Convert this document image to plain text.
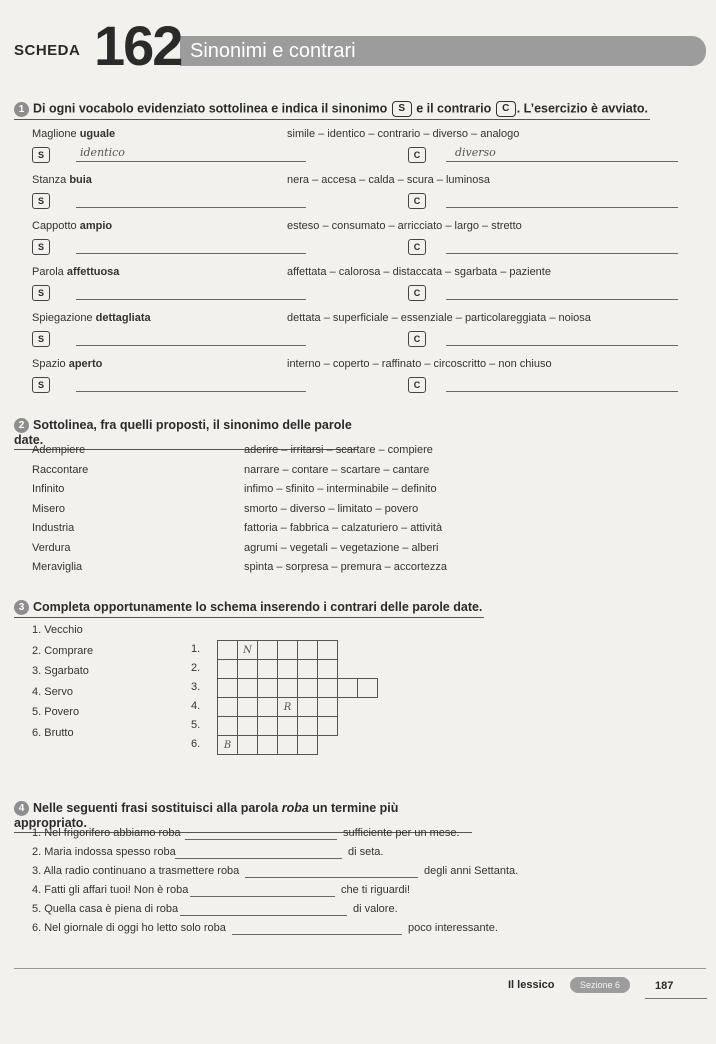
SCHEDA 162 Sinonimi e contrari
1 Di ogni vocabolo evidenziato sottolinea e indica il sinonimo S e il contrario C . L’esercizio è avviato.
Maglione uguale	simile – identico – contrario – diverso – analogo
S	identico	C	diverso
Stanza buia	nera – accesa – calda – scura – luminosa
S	C
Cappotto ampio	esteso – consumato – arricciato – largo – stretto
S	C
Parola affettuosa	affettata – calorosa – distaccata – sgarbata – paziente
S	C
Spiegazione dettagliata	dettata – superficiale – essenziale – particolareggiata – noiosa
S	C
Spazio aperto	interno – coperto – raffinato – circoscritto – non chiuso
S	C
2 Sottolinea, fra quelli proposti, il sinonimo delle parole date.
Adempiere	aderire – irritarsi – scartare – compiere
Raccontare	narrare – contare – scartare – cantare
Infinito	infimo – sfinito – interminabile – definito
Misero	smorto – diverso – limitato – povero
Industria	fattoria – fabbrica – calzaturiero – attività
Verdura	agrumi – vegetali – vegetazione – alberi
Meraviglia	spinta – sorpresa – premura – accortezza
3 Completa opportunamente lo schema inserendo i contrari delle parole date.
1. Vecchio
2. Comprare
3. Sgarbato
4. Servo
5. Povero
6. Brutto
1.
2.
3.
4.
5.
6.
	N				

			R		

B				
4 Nelle seguenti frasi sostituisci alla parola roba un termine più appropriato.
1. Nel frigorifero abbiamo roba	sufficiente per un mese.
2. Maria indossa spesso roba	di seta.
3. Alla radio continuano a trasmettere roba	degli anni Settanta.
4. Fatti gli affari tuoi! Non è roba	che ti riguardi!
5. Quella casa è piena di roba	di valore.
6. Nel giornale di oggi ho letto solo roba	poco interessante.
Il lessico	Sezione 6	187
